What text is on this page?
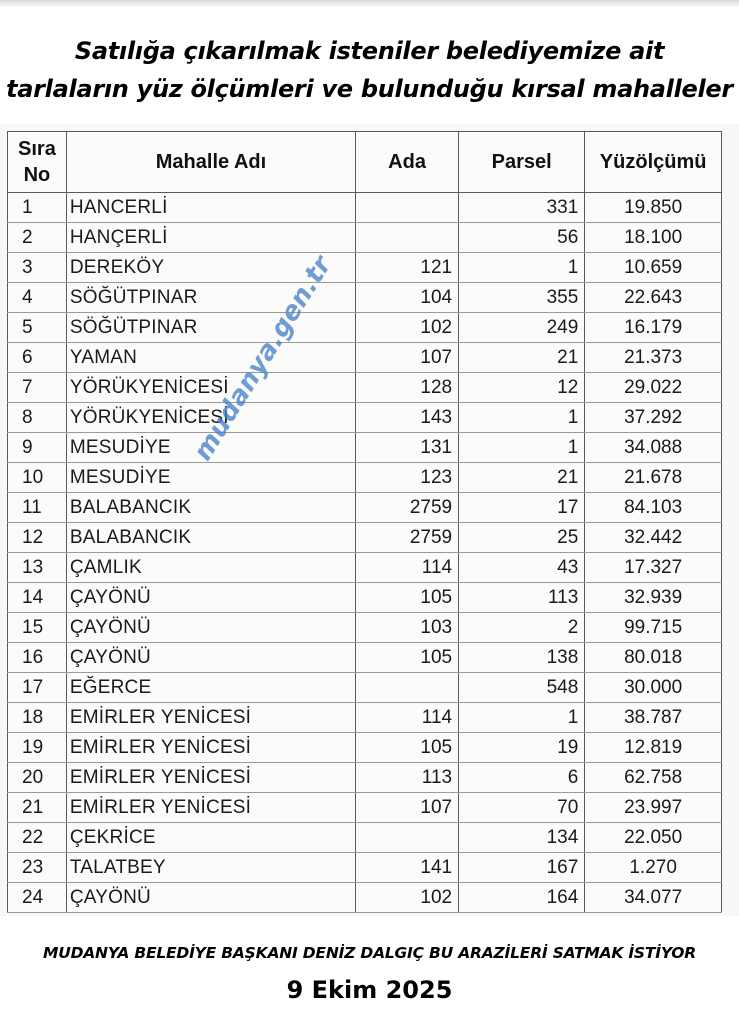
Satılığa çıkarılmak isteniler belediyemize ait
tarlaların yüz ölçümleri ve bulunduğu kırsal mahalleler
Sıra No	Mahalle Adı	Ada	Parsel	Yüzölçümü
1	HANCERLİ		331	19.850
2	HANÇERLİ		56	18.100
3	DEREKÖY	121	1	10.659
4	SÖĞÜTPINAR	104	355	22.643
5	SÖĞÜTPINAR	102	249	16.179
6	YAMAN	107	21	21.373
7	YÖRÜKYENİCESİ	128	12	29.022
8	YÖRÜKYENİCESİ	143	1	37.292
9	MESUDİYE	131	1	34.088
10	MESUDİYE	123	21	21.678
11	BALABANCIK	2759	17	84.103
12	BALABANCIK	2759	25	32.442
13	ÇAMLIK	114	43	17.327
14	ÇAYÖNÜ	105	113	32.939
15	ÇAYÖNÜ	103	2	99.715
16	ÇAYÖNÜ	105	138	80.018
17	EĞERCE		548	30.000
18	EMİRLER YENİCESİ	114	1	38.787
19	EMİRLER YENİCESİ	105	19	12.819
20	EMİRLER YENİCESİ	113	6	62.758
21	EMİRLER YENİCESİ	107	70	23.997
22	ÇEKRİCE		134	22.050
23	TALATBEY	141	167	1.270
24	ÇAYÖNÜ	102	164	34.077
mudanya.gen.tr
MUDANYA BELEDİYE BAŞKANI DENİZ DALGIÇ BU ARAZİLERİ SATMAK İSTİYOR
9 Ekim 2025
